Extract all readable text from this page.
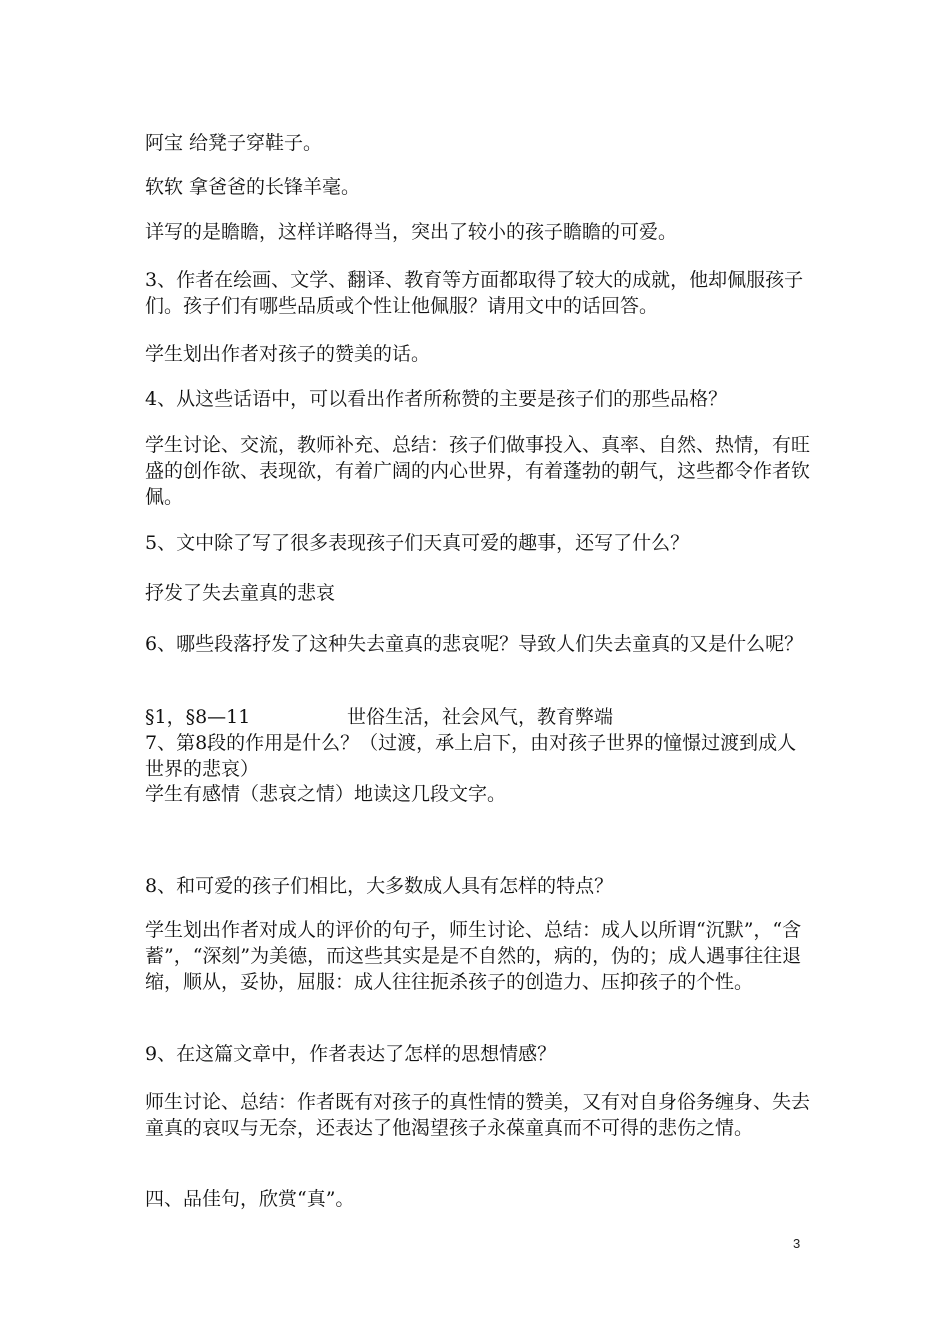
阿宝 给凳子穿鞋子。

软软 拿爸爸的长锋羊毫。

详写的是瞻瞻，这样详略得当，突出了较小的孩子瞻瞻的可爱。

3、作者在绘画、文学、翻译、教育等方面都取得了较大的成就，他却佩服孩子们。孩子们有哪些品质或个性让他佩服？请用文中的话回答。

学生划出作者对孩子的赞美的话。

4、从这些话语中，可以看出作者所称赞的主要是孩子们的那些品格？

学生讨论、交流，教师补充、总结：孩子们做事投入、真率、自然、热情，有旺盛的创作欲、表现欲，有着广阔的内心世界，有着蓬勃的朝气，这些都令作者钦佩。

5、文中除了写了很多表现孩子们天真可爱的趣事，还写了什么？

抒发了失去童真的悲哀

6、哪些段落抒发了这种失去童真的悲哀呢？导致人们失去童真的又是什么呢？

§1，§8—11                世俗生活，社会风气，教育弊端

7、第8段的作用是什么？（过渡，承上启下，由对孩子世界的憧憬过渡到成人世界的悲哀）

学生有感情（悲哀之情）地读这几段文字。

8、和可爱的孩子们相比，大多数成人具有怎样的特点？

学生划出作者对成人的评价的句子，师生讨论、总结：成人以所谓“沉默”，“含蓄”，“深刻”为美德，而这些其实是是不自然的，病的，伪的；成人遇事往往退缩，顺从，妥协，屈服：成人往往扼杀孩子的创造力、压抑孩子的个性。

9、在这篇文章中，作者表达了怎样的思想情感？

师生讨论、总结：作者既有对孩子的真性情的赞美，又有对自身俗务缠身、失去童真的哀叹与无奈，还表达了他渴望孩子永葆童真而不可得的悲伤之情。

四、品佳句，欣赏“真”。

3
